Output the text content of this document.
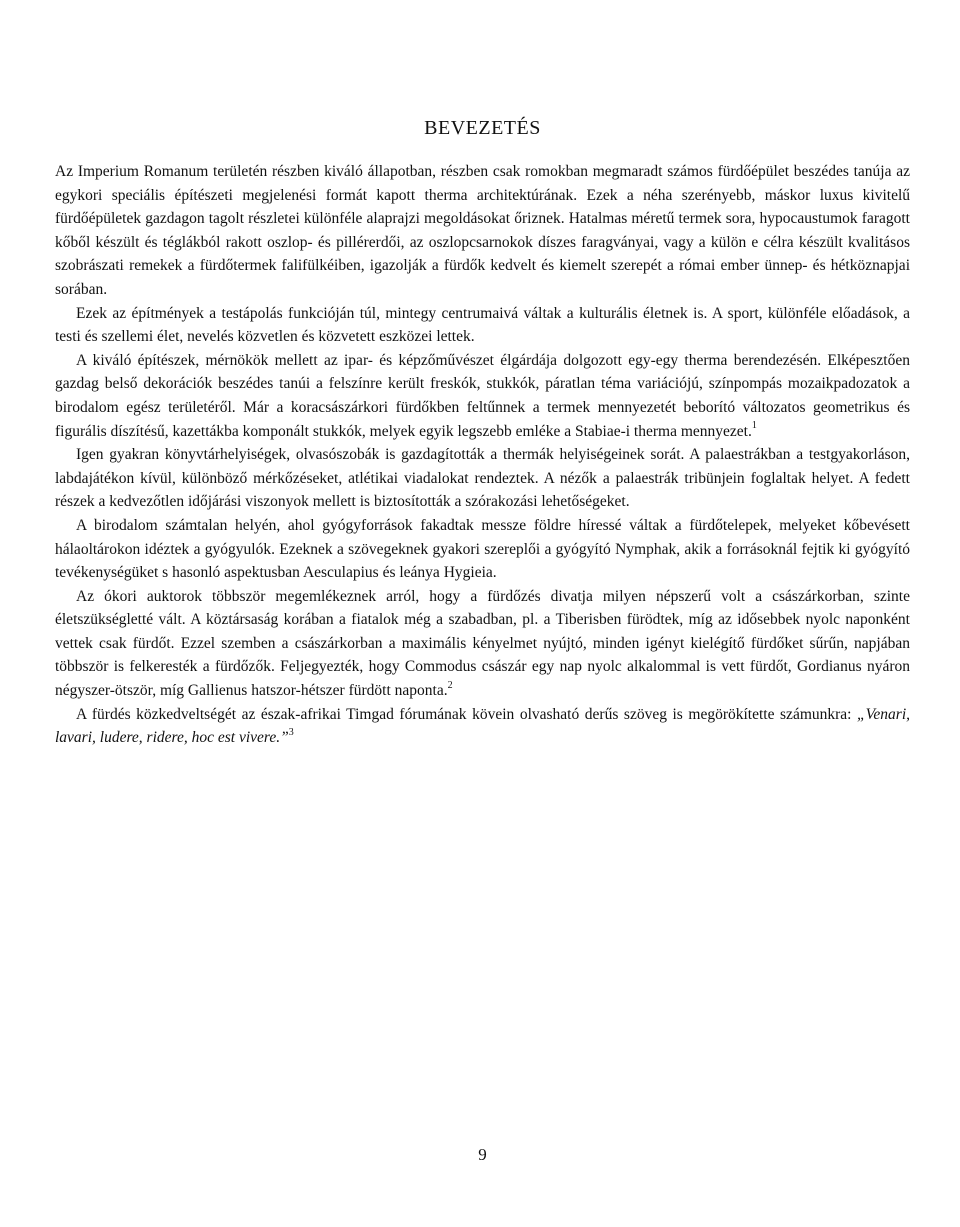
BEVEZETÉS

Az Imperium Romanum területén részben kiváló állapotban, részben csak romokban megmaradt számos fürdőépület beszédes tanúja az egykori speciális építészeti megjelenési formát kapott therma architektúrának. Ezek a néha szerényebb, máskor luxus kivitelű fürdőépületek gazdagon tagolt részletei különféle alaprajzi megoldásokat őriznek. Hatalmas méretű termek sora, hypocaustumok faragott kőből készült és téglákból rakott oszlop- és pillérerdői, az oszlopcsarnokok díszes faragványai, vagy a külön e célra készült kvalitásos szobrászati remekek a fürdőtermek falifülkéiben, igazolják a fürdők kedvelt és kiemelt szerepét a római ember ünnep- és hétköznapjai sorában.

Ezek az építmények a testápolás funkcióján túl, mintegy centrumaivá váltak a kulturális életnek is. A sport, különféle előadások, a testi és szellemi élet, nevelés közvetlen és közvetett eszközei lettek.

A kiváló építészek, mérnökök mellett az ipar- és képzőművészet élgárdája dolgozott egy-egy therma berendezésén. Elképesztően gazdag belső dekorációk beszédes tanúi a felszínre került freskók, stukkók, páratlan téma variációjú, színpompás mozaikpadozatok a birodalom egész területéről. Már a koracsászárkori fürdőkben feltűnnek a termek mennyezetét beborító változatos geometrikus és figurális díszítésű, kazettákba komponált stukkók, melyek egyik legszebb emléke a Stabiae-i therma mennyezet.$^1$

Igen gyakran könyvtárhelyiségek, olvasószobák is gazdagították a thermák helyiségeinek sorát. A palaestrákban a testgyakorláson, labdajátékon kívül, különböző mérkőzéseket, atlétikai viadalokat rendeztek. A nézők a palaestrák tribünjein foglaltak helyet. A fedett részek a kedvezőtlen időjárási viszonyok mellett is biztosították a szórakozási lehetőségeket.

A birodalom számtalan helyén, ahol gyógyforrások fakadtak messze földre híressé váltak a fürdőtelepek, melyeket kőbevésett hálaoltárokon idéztek a gyógyulók. Ezeknek a szövegeknek gyakori szereplői a gyógyító Nymphak, akik a forrásoknál fejtik ki gyógyító tevékenységüket s hasonló aspektusban Aesculapius és leánya Hygieia.

Az ókori auktorok többször megemlékeznek arról, hogy a fürdőzés divatja milyen népszerű volt a császárkorban, szinte életszükségletté vált. A köztársaság korában a fiatalok még a szabadban, pl. a Tiberisben fürödtek, míg az idősebbek nyolc naponként vettek csak fürdőt. Ezzel szemben a császárkorban a maximális kényelmet nyújtó, minden igényt kielégítő fürdőket sűrűn, napjában többször is felkeresték a fürdőzők. Feljegyezték, hogy Commodus császár egy nap nyolc alkalommal is vett fürdőt, Gordianus nyáron négyszer-ötször, míg Gallienus hatszor-hétszer fürdött naponta.$^2$

A fürdés közkedveltségét az észak-afrikai Timgad fórumának kövein olvasható derűs szöveg is megörökítette számunkra: „Venari, lavari, ludere, ridere, hoc est vivere.”$^3$

9
